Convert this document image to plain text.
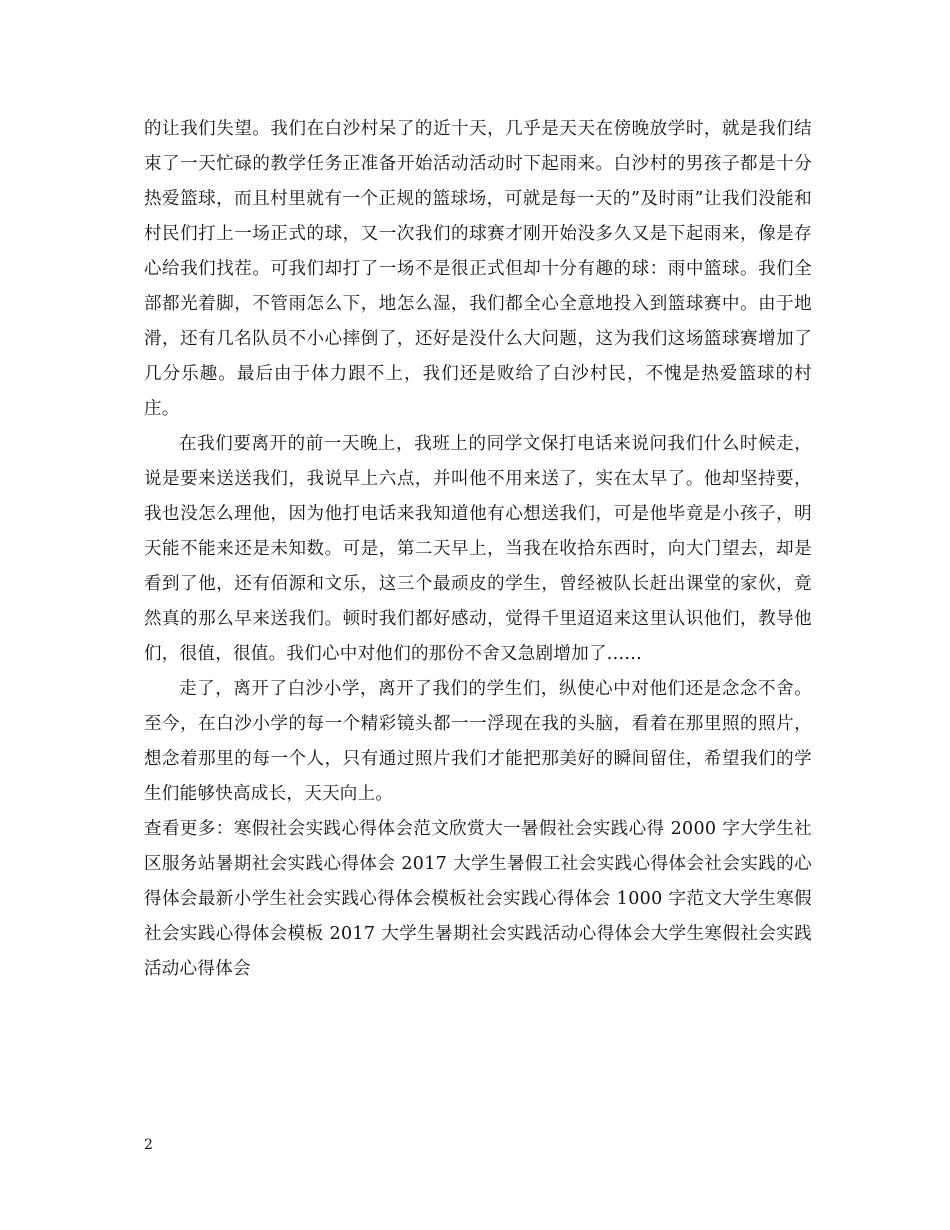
的让我们失望。我们在白沙村呆了的近十天，几乎是天天在傍晚放学时，就是我们结束了一天忙碌的教学任务正准备开始活动活动时下起雨来。白沙村的男孩子都是十分热爱篮球，而且村里就有一个正规的篮球场，可就是每一天的”及时雨”让我们没能和村民们打上一场正式的球，又一次我们的球赛才刚开始没多久又是下起雨来，像是存心给我们找茬。可我们却打了一场不是很正式但却十分有趣的球：雨中篮球。我们全部都光着脚，不管雨怎么下，地怎么湿，我们都全心全意地投入到篮球赛中。由于地滑，还有几名队员不小心摔倒了，还好是没什么大问题，这为我们这场篮球赛增加了几分乐趣。最后由于体力跟不上，我们还是败给了白沙村民，不愧是热爱篮球的村庄。

在我们要离开的前一天晚上，我班上的同学文保打电话来说问我们什么时候走，说是要来送送我们，我说早上六点，并叫他不用来送了，实在太早了。他却坚持要，我也没怎么理他，因为他打电话来我知道他有心想送我们，可是他毕竟是小孩子，明天能不能来还是未知数。可是，第二天早上，当我在收拾东西时，向大门望去，却是看到了他，还有佰源和文乐，这三个最顽皮的学生，曾经被队长赶出课堂的家伙，竟然真的那么早来送我们。顿时我们都好感动，觉得千里迢迢来这里认识他们，教导他们，很值，很值。我们心中对他们的那份不舍又急剧增加了......

走了，离开了白沙小学，离开了我们的学生们，纵使心中对他们还是念念不舍。至今，在白沙小学的每一个精彩镜头都一一浮现在我的头脑，看着在那里照的照片，想念着那里的每一个人，只有通过照片我们才能把那美好的瞬间留住，希望我们的学生们能够快高成长，天天向上。

查看更多：寒假社会实践心得体会范文欣赏大一暑假社会实践心得 2000 字大学生社区服务站暑期社会实践心得体会 2017 大学生暑假工社会实践心得体会社会实践的心得体会最新小学生社会实践心得体会模板社会实践心得体会 1000 字范文大学生寒假社会实践心得体会模板 2017 大学生暑期社会实践活动心得体会大学生寒假社会实践活动心得体会

2
